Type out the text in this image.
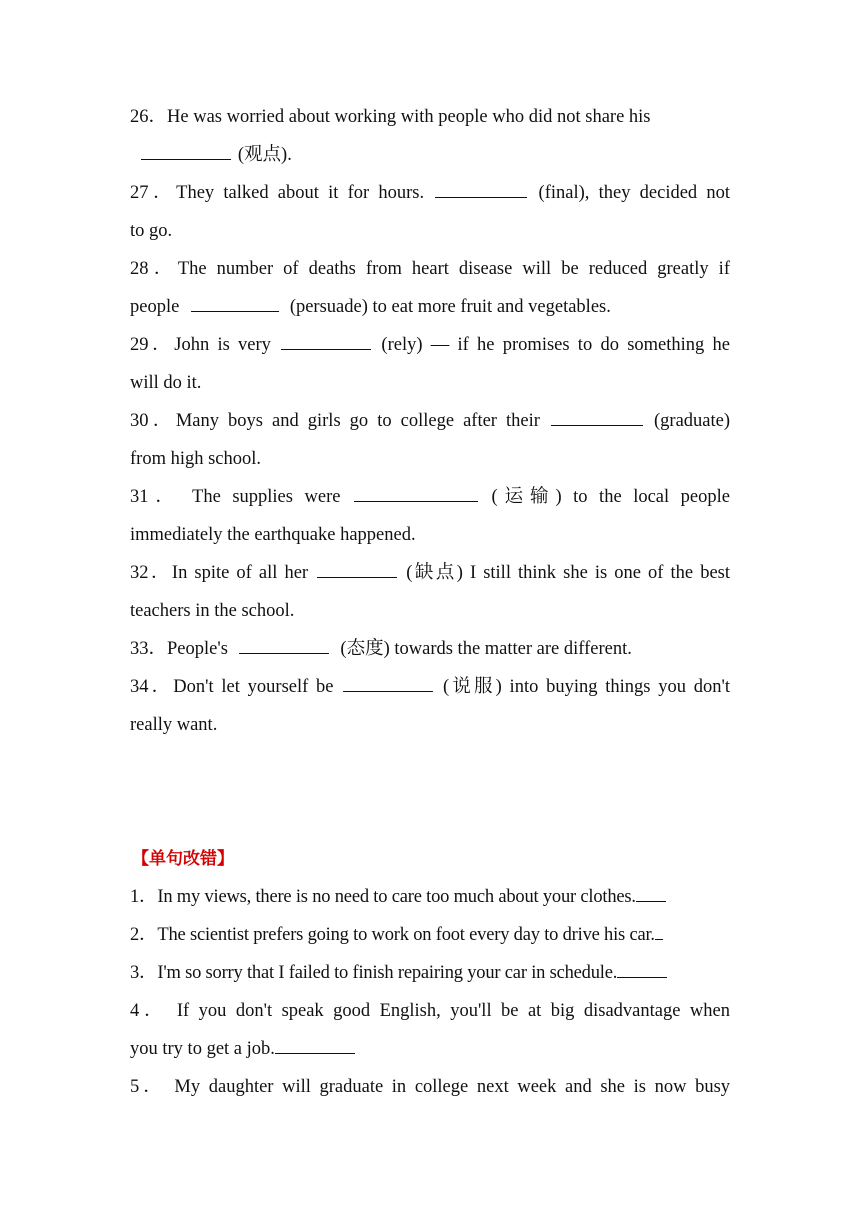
26．He was worried about working with people who did not share his
(观点).
27．They talked about it for hours.	(final), they decided not
to go.
28．The number of deaths from heart disease will be reduced greatly if
people	(persuade) to eat more fruit and vegetables.
29．John is very	(rely) — if he promises to do something he
will do it.
30．Many boys and girls go to college after their	(graduate)
from high school.
31． The supplies were	(运输) to the local people
immediately the earthquake happened.
32．In spite of all her	(缺点) I still think she is one of the best
teachers in the school.
33．People's	(态度) towards the matter are different.
34．Don't let yourself be	(说服) into buying things you don't
really want.
【单句改错】
1．In my views, there is no need to care too much about your clothes.
2．The scientist prefers going to work on foot every day to drive his car.
3．I'm so sorry that I failed to finish repairing your car in schedule.
4． If you don't speak good English, you'll be at big disadvantage when
you try to get a job.
5． My daughter will graduate in college next week and she is now busy
